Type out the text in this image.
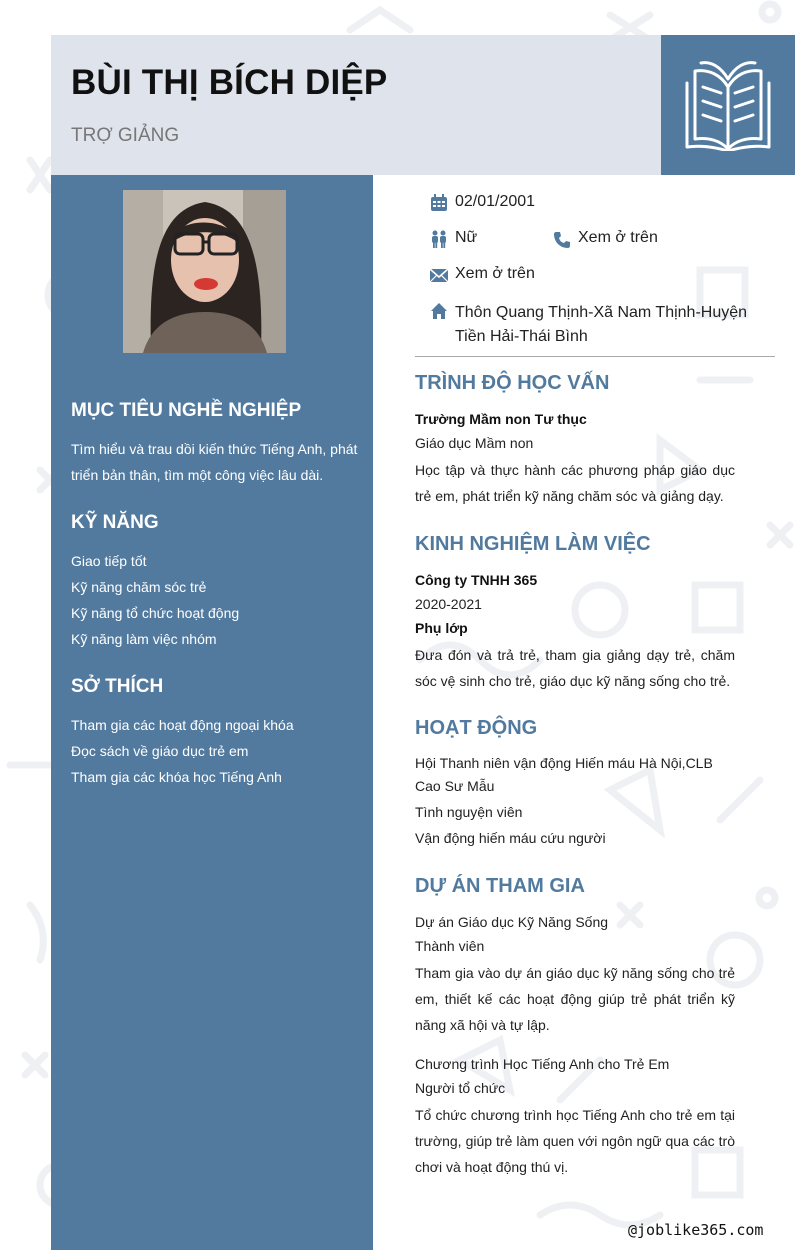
BÙI THỊ BÍCH DIỆP
TRỢ GIẢNG
MỤC TIÊU NGHỀ NGHIỆP
Tìm hiểu và trau dồi kiến thức Tiếng Anh, phát triển bản thân, tìm một công việc lâu dài.
KỸ NĂNG
Giao tiếp tốt
Kỹ năng chăm sóc trẻ
Kỹ năng tổ chức hoạt động
Kỹ năng làm việc nhóm
SỞ THÍCH
Tham gia các hoạt động ngoại khóa
Đọc sách về giáo dục trẻ em
Tham gia các khóa học Tiếng Anh
02/01/2001
Nữ	Xem ở trên
Xem ở trên
Thôn Quang Thịnh-Xã Nam Thịnh-Huyện Tiền Hải-Thái Bình
TRÌNH ĐỘ HỌC VẤN
Trường Mầm non Tư thục
Giáo dục Mầm non
Học tập và thực hành các phương pháp giáo dục trẻ em, phát triển kỹ năng chăm sóc và giảng dạy.
KINH NGHIỆM LÀM VIỆC
Công ty TNHH 365
2020-2021
Phụ lớp
Đưa đón và trả trẻ, tham gia giảng dạy trẻ, chăm sóc vệ sinh cho trẻ, giáo dục kỹ năng sống cho trẻ.
HOẠT ĐỘNG
Hội Thanh niên vận động Hiến máu Hà Nội,CLB Cao Sư Mẫu
Tình nguyện viên
Vận động hiến máu cứu người
DỰ ÁN THAM GIA
Dự án Giáo dục Kỹ Năng Sống
Thành viên
Tham gia vào dự án giáo dục kỹ năng sống cho trẻ em, thiết kế các hoạt động giúp trẻ phát triển kỹ năng xã hội và tự lập.
Chương trình Học Tiếng Anh cho Trẻ Em
Người tổ chức
Tổ chức chương trình học Tiếng Anh cho trẻ em tại trường, giúp trẻ làm quen với ngôn ngữ qua các trò chơi và hoạt động thú vị.
@joblike365.com
